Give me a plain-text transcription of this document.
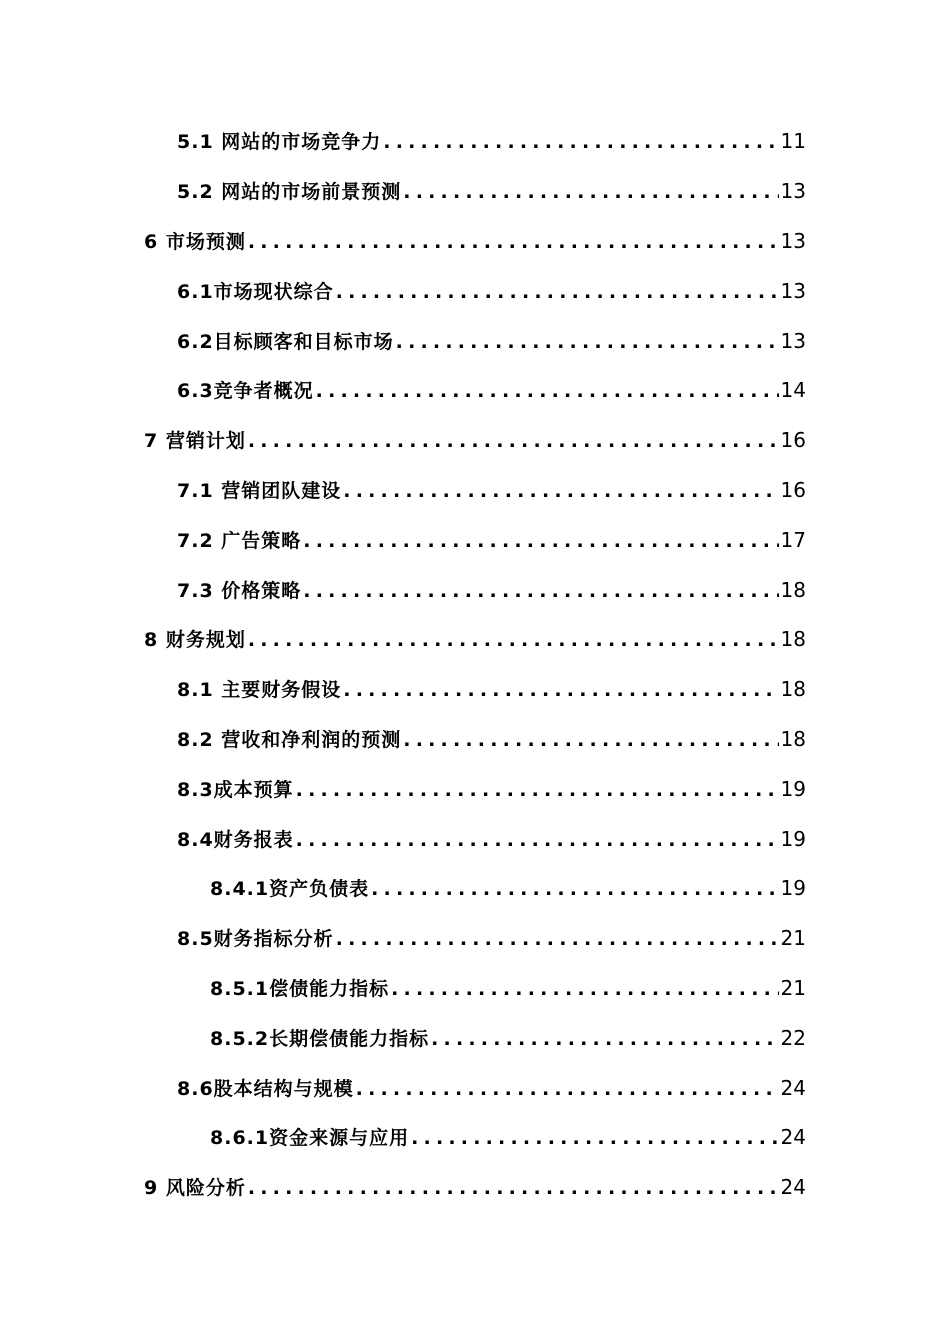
5.1 网站的市场竞争力 .....	11
5.2 网站的市场前景预测 .....	13
6 市场预测 .....	13
6.1市场现状综合 .....	13
6.2目标顾客和目标市场 .....	13
6.3竞争者概况 .....	14
7 营销计划 .....	16
7.1 营销团队建设 .....	16
7.2 广告策略 .....	17
7.3 价格策略 .....	18
8 财务规划 .....	18
8.1 主要财务假设 .....	18
8.2 营收和净利润的预测 .....	18
8.3成本预算 .....	19
8.4财务报表 .....	19
8.4.1资产负债表 .....	19
8.5财务指标分析 .....	21
8.5.1偿债能力指标 .....	21
8.5.2长期偿债能力指标 .....	22
8.6股本结构与规模 .....	24
8.6.1资金来源与应用 .....	24
9 风险分析 .....	24
